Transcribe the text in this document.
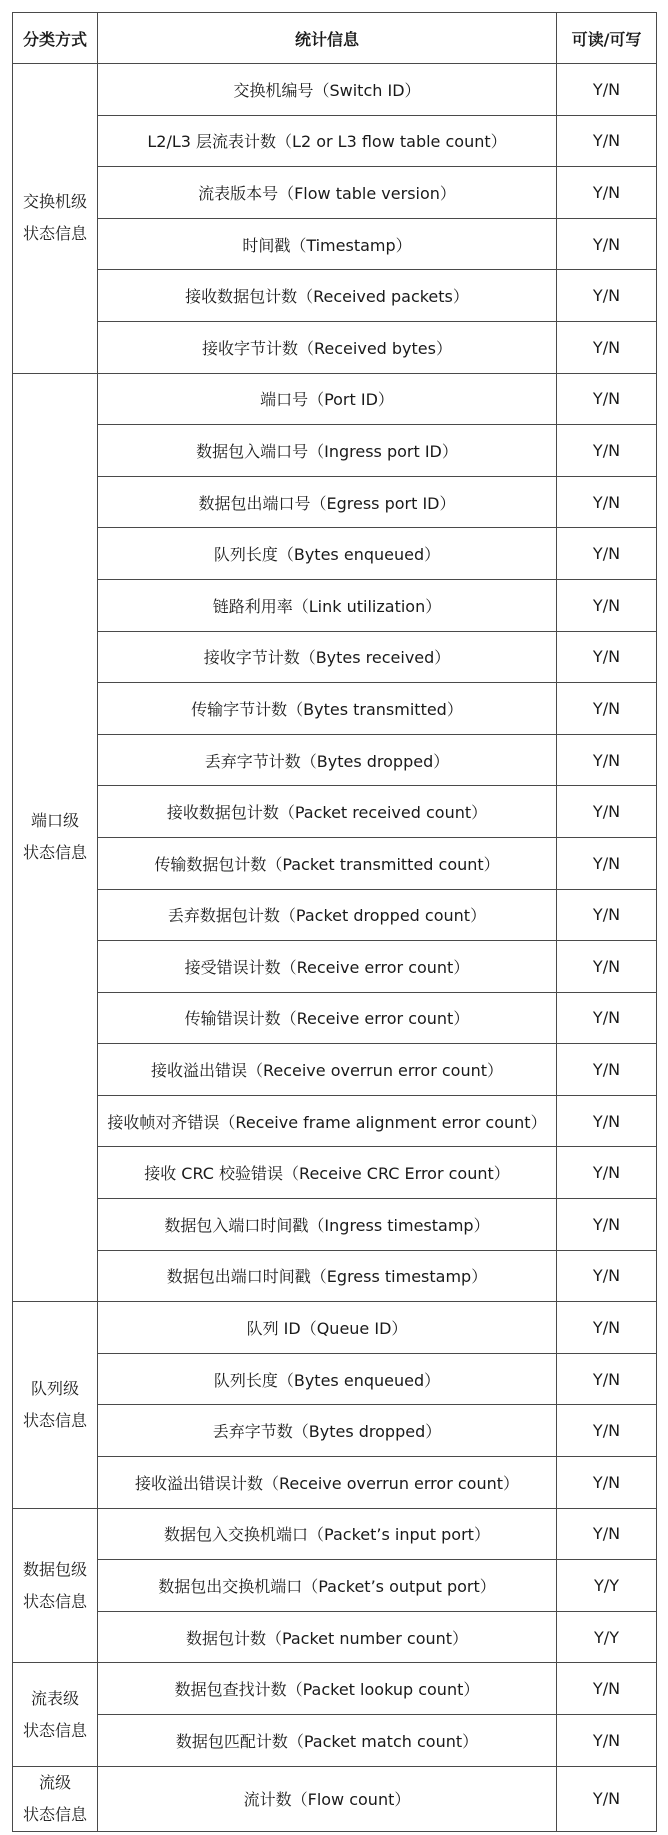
分类方式	统计信息	可读/可写

交换机级
状态信息	交换机编号（Switch ID）	Y/N
	L2/L3 层流表计数（L2 or L3 flow table count）	Y/N
	流表版本号（Flow table version）	Y/N
	时间戳（Timestamp）	Y/N
	接收数据包计数（Received packets）	Y/N
	接收字节计数（Received bytes）	Y/N

端口级
状态信息	端口号（Port ID）	Y/N
	数据包入端口号（Ingress port ID）	Y/N
	数据包出端口号（Egress port ID）	Y/N
	队列长度（Bytes enqueued）	Y/N
	链路利用率（Link utilization）	Y/N
	接收字节计数（Bytes received）	Y/N
	传输字节计数（Bytes transmitted）	Y/N
	丢弃字节计数（Bytes dropped）	Y/N
	接收数据包计数（Packet received count）	Y/N
	传输数据包计数（Packet transmitted count）	Y/N
	丢弃数据包计数（Packet dropped count）	Y/N
	接受错误计数（Receive error count）	Y/N
	传输错误计数（Receive error count）	Y/N
	接收溢出错误（Receive overrun error count）	Y/N
	接收帧对齐错误（Receive frame alignment error count）	Y/N
	接收 CRC 校验错误（Receive CRC Error count）	Y/N
	数据包入端口时间戳（Ingress timestamp）	Y/N
	数据包出端口时间戳（Egress timestamp）	Y/N

队列级
状态信息	队列 ID（Queue ID）	Y/N
	队列长度（Bytes enqueued）	Y/N
	丢弃字节数（Bytes dropped）	Y/N
	接收溢出错误计数（Receive overrun error count）	Y/N

数据包级
状态信息	数据包入交换机端口（Packet’s input port）	Y/N
	数据包出交换机端口（Packet’s output port）	Y/Y
	数据包计数（Packet number count）	Y/Y

流表级
状态信息	数据包查找计数（Packet lookup count）	Y/N
	数据包匹配计数（Packet match count）	Y/N

流级
状态信息	流计数（Flow count）	Y/N
